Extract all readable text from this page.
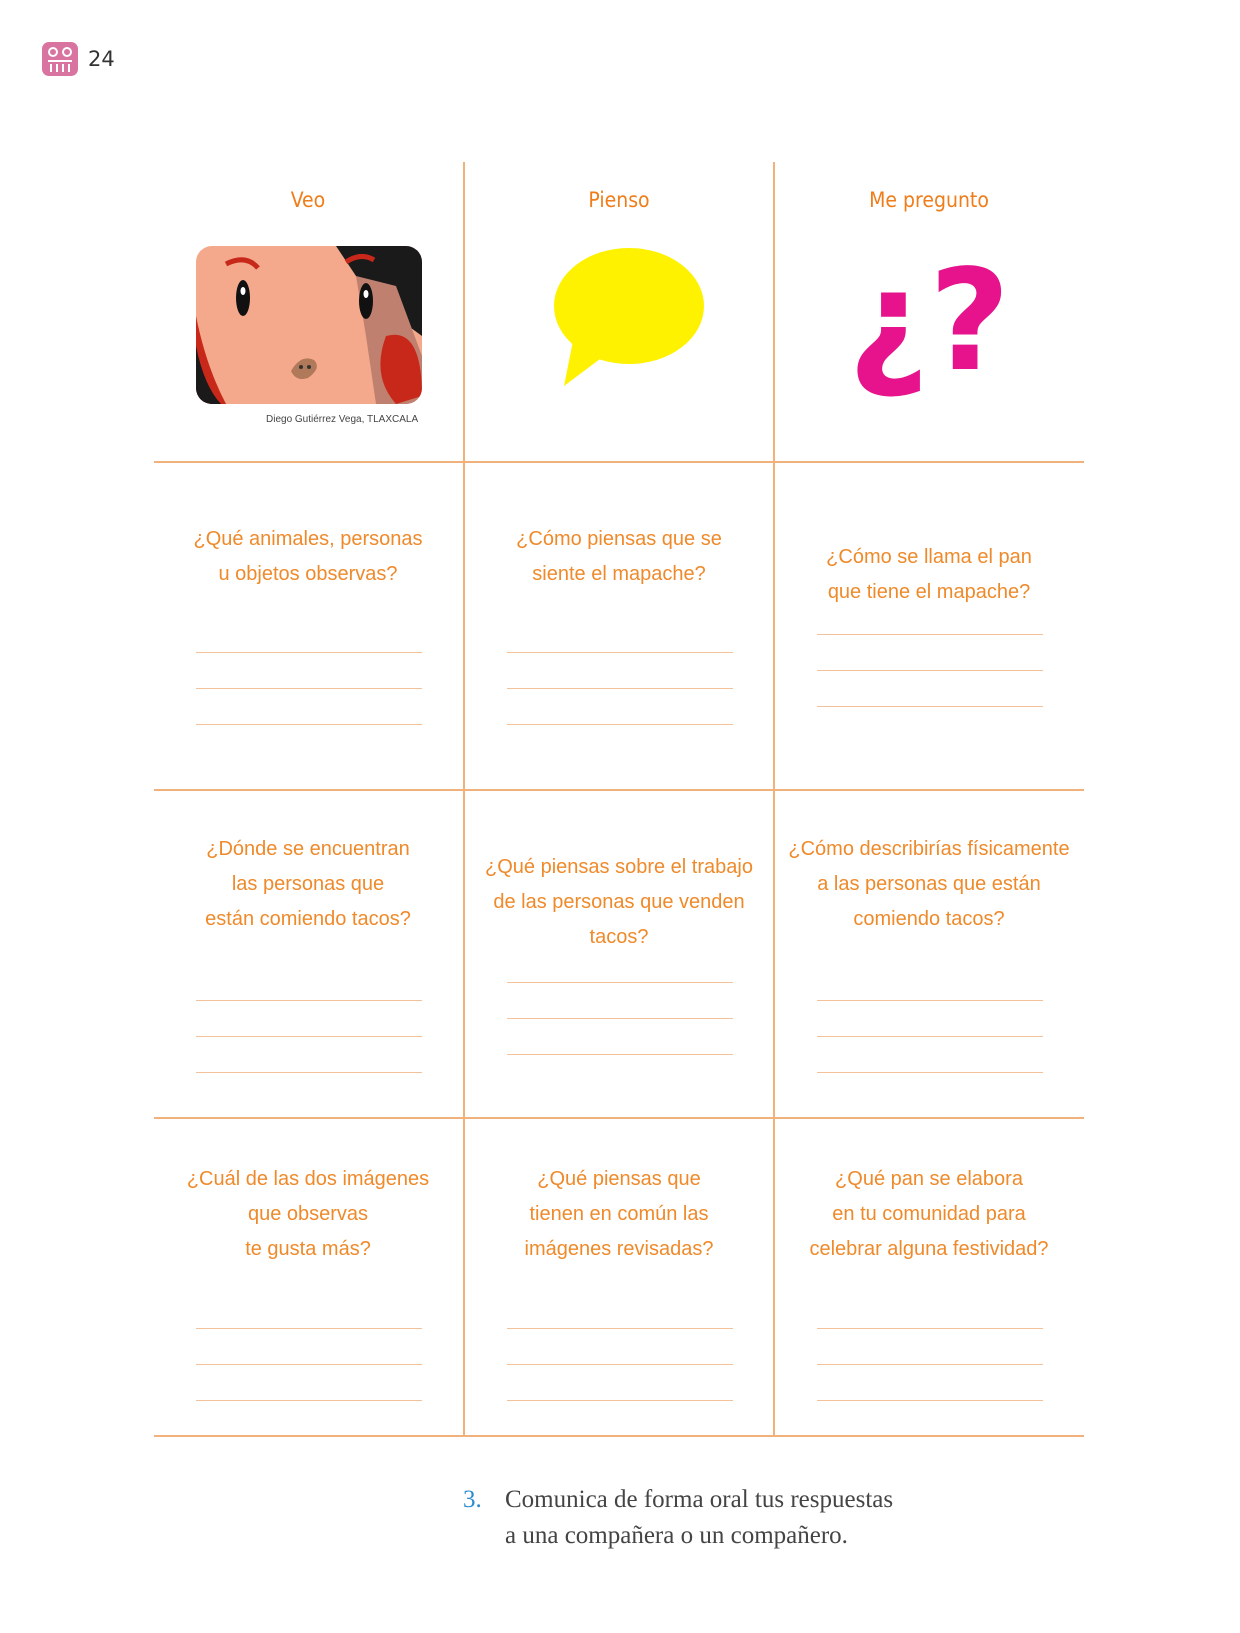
24
Veo	Pienso	Me pregunto
Diego Gutiérrez Vega, TLAXCALA
¿?
¿Qué animales, personas
u objetos observas?
¿Cómo piensas que se
siente el mapache?
¿Cómo se llama el pan
que tiene el mapache?
¿Dónde se encuentran
las personas que
están comiendo tacos?
¿Qué piensas sobre el trabajo
de las personas que venden tacos?
¿Cómo describirías físicamente
a las personas que están
comiendo tacos?
¿Cuál de las dos imágenes
que observas
te gusta más?
¿Qué piensas que
tienen en común las
imágenes revisadas?
¿Qué pan se elabora
en tu comunidad para
celebrar alguna festividad?
3. Comunica de forma oral tus respuestas
a una compañera o un compañero.
